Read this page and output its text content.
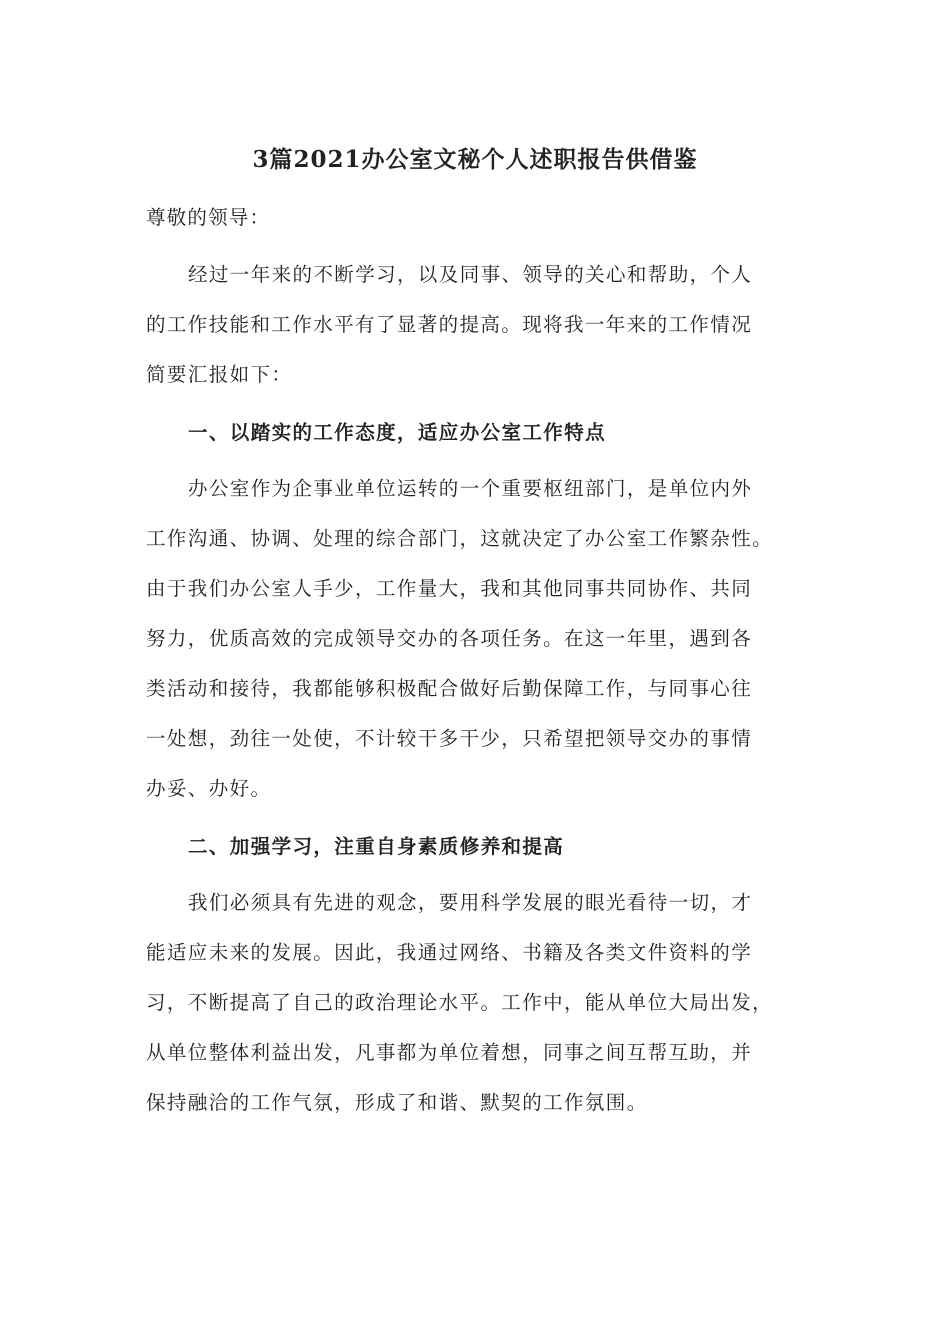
3篇2021办公室文秘个人述职报告供借鉴
尊敬的领导：
经过一年来的不断学习，以及同事、领导的关心和帮助，个人
的工作技能和工作水平有了显著的提高。现将我一年来的工作情况
简要汇报如下：
一、以踏实的工作态度，适应办公室工作特点
办公室作为企事业单位运转的一个重要枢纽部门，是单位内外
工作沟通、协调、处理的综合部门，这就决定了办公室工作繁杂性。
由于我们办公室人手少，工作量大，我和其他同事共同协作、共同
努力，优质高效的完成领导交办的各项任务。在这一年里，遇到各
类活动和接待，我都能够积极配合做好后勤保障工作，与同事心往
一处想，劲往一处使，不计较干多干少，只希望把领导交办的事情
办妥、办好。
二、加强学习，注重自身素质修养和提高
我们必须具有先进的观念，要用科学发展的眼光看待一切，才
能适应未来的发展。因此，我通过网络、书籍及各类文件资料的学
习，不断提高了自己的政治理论水平。工作中，能从单位大局出发，
从单位整体利益出发，凡事都为单位着想，同事之间互帮互助，并
保持融洽的工作气氛，形成了和谐、默契的工作氛围。
